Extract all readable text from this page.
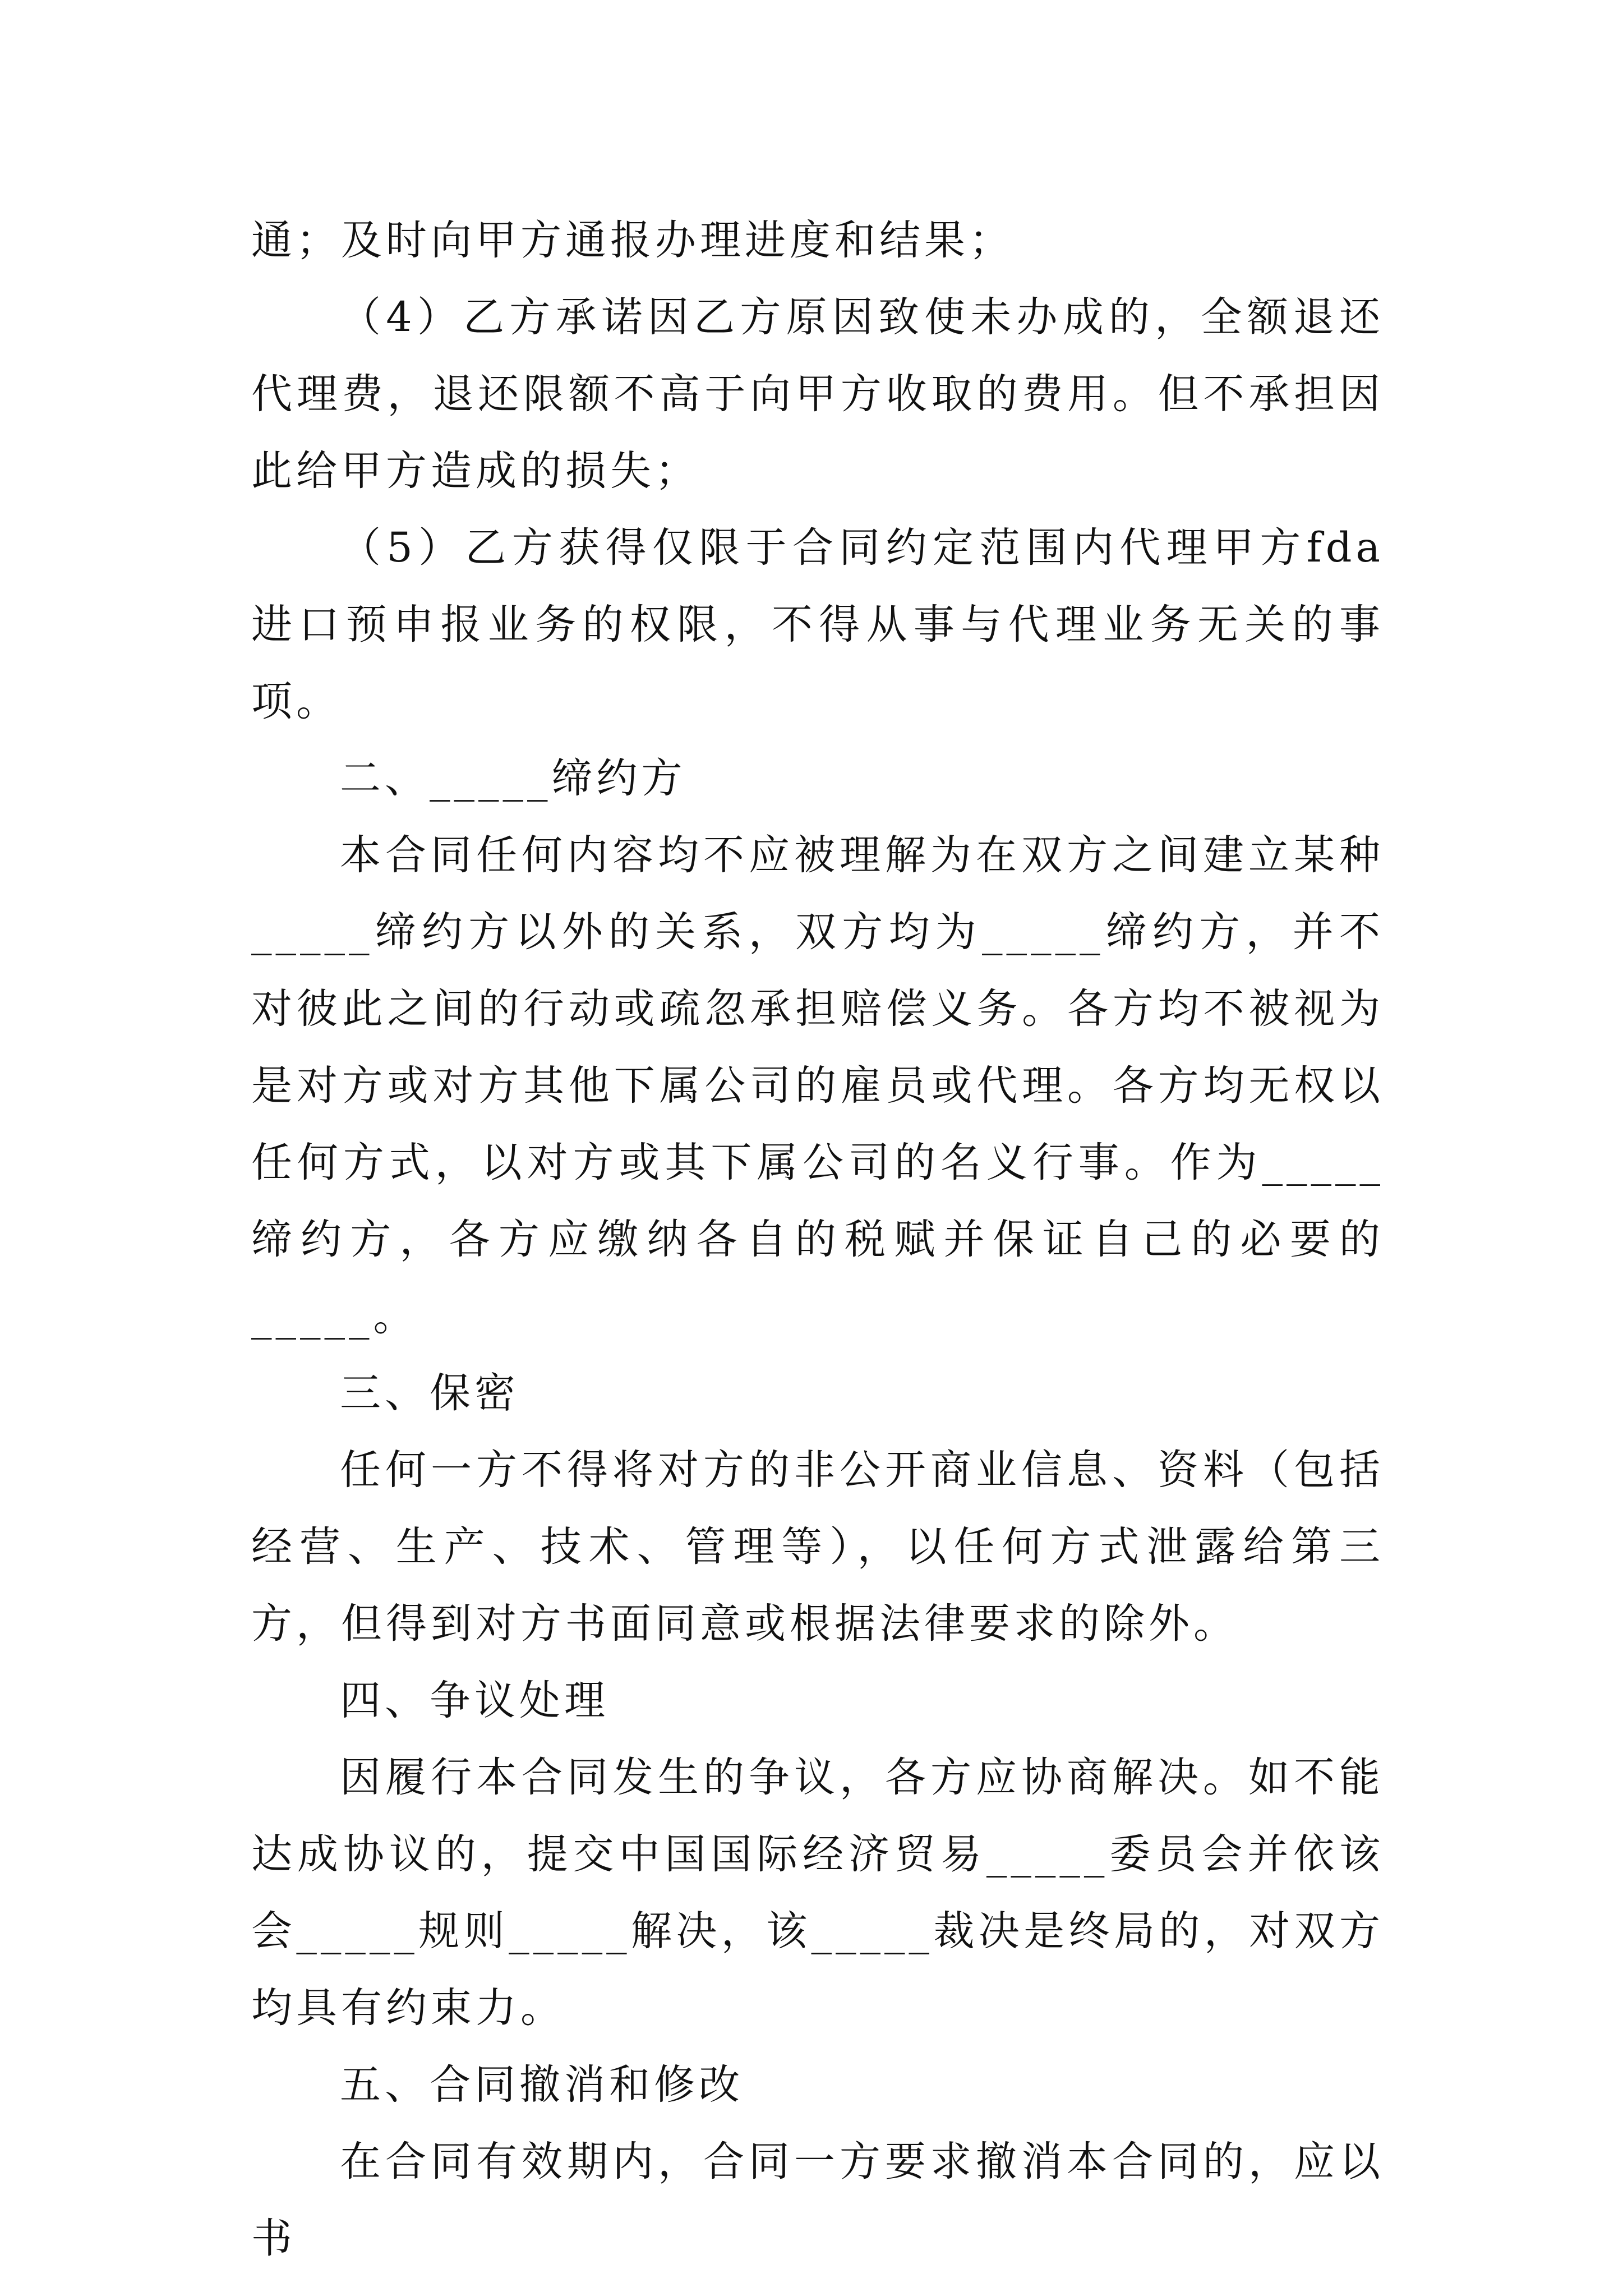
通；及时向甲方通报办理进度和结果；

（4）乙方承诺因乙方原因致使未办成的，全额退还代理费，退还限额不高于向甲方收取的费用。但不承担因此给甲方造成的损失；

（5）乙方获得仅限于合同约定范围内代理甲方fda进口预申报业务的权限，不得从事与代理业务无关的事项。

二、_____缔约方

本合同任何内容均不应被理解为在双方之间建立某种_____缔约方以外的关系，双方均为_____缔约方，并不对彼此之间的行动或疏忽承担赔偿义务。各方均不被视为是对方或对方其他下属公司的雇员或代理。各方均无权以任何方式，以对方或其下属公司的名义行事。作为_____缔约方，各方应缴纳各自的税赋并保证自己的必要的_____。

三、保密

任何一方不得将对方的非公开商业信息、资料（包括经营、生产、技术、管理等），以任何方式泄露给第三方，但得到对方书面同意或根据法律要求的除外。

四、争议处理

因履行本合同发生的争议，各方应协商解决。如不能达成协议的，提交中国国际经济贸易_____委员会并依该会_____规则_____解决，该_____裁决是终局的，对双方均具有约束力。

五、合同撤消和修改

在合同有效期内，合同一方要求撤消本合同的，应以书
